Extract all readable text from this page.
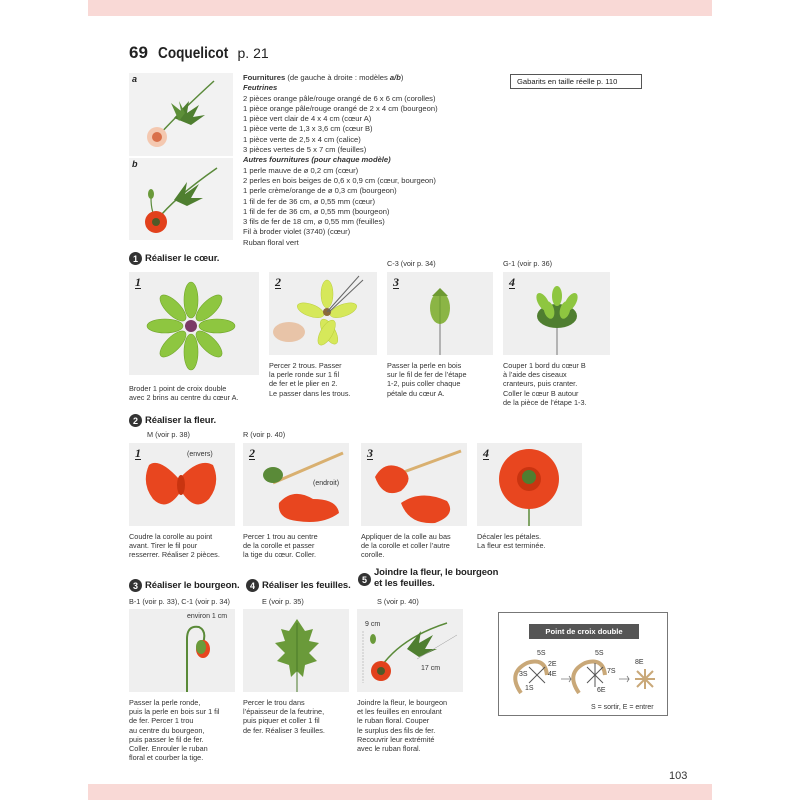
69 Coquelicot p. 21
Gabarits en taille réelle p. 110
a
b
Fournitures (de gauche à droite : modèles a/b)
Feutrines
2 pièces orange pâle/rouge orangé de 6 x 6 cm (corolles)
1 pièce orange pâle/rouge orangé de 2 x 4 cm (bourgeon)
1 pièce vert clair de 4 x 4 cm (cœur A)
1 pièce verte de 1,3 x 3,6 cm (cœur B)
1 pièce verte de 2,5 x 4 cm (calice)
3 pièces vertes de 5 x 7 cm (feuilles)
Autres fournitures (pour chaque modèle)
1 perle mauve de ø 0,2 cm (cœur)
2 perles en bois beiges de 0,6 x 0,9 cm (cœur, bourgeon)
1 perle crème/orange de ø 0,3 cm (bourgeon)
1 fil de fer de 36 cm, ø 0,55 mm (cœur)
1 fil de fer de 36 cm, ø 0,55 mm (bourgeon)
3 fils de fer de 18 cm, ø 0,55 mm (feuilles)
Fil à broder violet (3740) (cœur)
Ruban floral vert
1 Réaliser le cœur.	C-3 (voir p. 34)	G-1 (voir p. 36)
1	2	3	4
Broder 1 point de croix double
avec 2 brins au centre du cœur A.
Percer 2 trous. Passer
la perle ronde sur 1 fil
de fer et le plier en 2.
Le passer dans les trous.
Passer la perle en bois
sur le fil de fer de l’étape
1-2, puis coller chaque
pétale du cœur A.
Couper 1 bord du cœur B
à l’aide des ciseaux
cranteurs, puis cranter.
Coller le cœur B autour
de la pièce de l’étape 1-3.
2 Réaliser la fleur.
M (voir p. 38)	R (voir p. 40)
1	(envers)	2
(endroit)
3	4
Coudre la corolle au point
avant. Tirer le fil pour
resserrer. Réaliser 2 pièces.
Percer 1 trou au centre
de la corolle et passer
la tige du cœur. Coller.
Appliquer de la colle au bas
de la corolle et coller l’autre
corolle.
Décaler les pétales.
La fleur est terminée.
3 Réaliser le bourgeon.	4 Réaliser les feuilles.
5
Joindre la fleur, le bourgeon
et les feuilles.
B-1 (voir p. 33), C-1 (voir p. 34)	E (voir p. 35)	S (voir p. 40)
environ 1 cm
9 cm
17 cm
Passer la perle ronde,
puis la perle en bois sur 1 fil
de fer. Percer 1 trou
au centre du bourgeon,
puis passer le fil de fer.
Coller. Enrouler le ruban
floral et courber la tige.
Percer le trou dans
l’épaisseur de la feutrine,
puis piquer et coller 1 fil
de fer. Réaliser 3 feuilles.
Joindre la fleur, le bourgeon
et les feuilles en enroulant
le ruban floral. Couper
le surplus des fils de fer.
Recouvrir leur extrémité
avec le ruban floral.
Point de croix double
5S
2E
4E
3S
1S
5S
7S
6E
8E
S = sortir, E = entrer
103
